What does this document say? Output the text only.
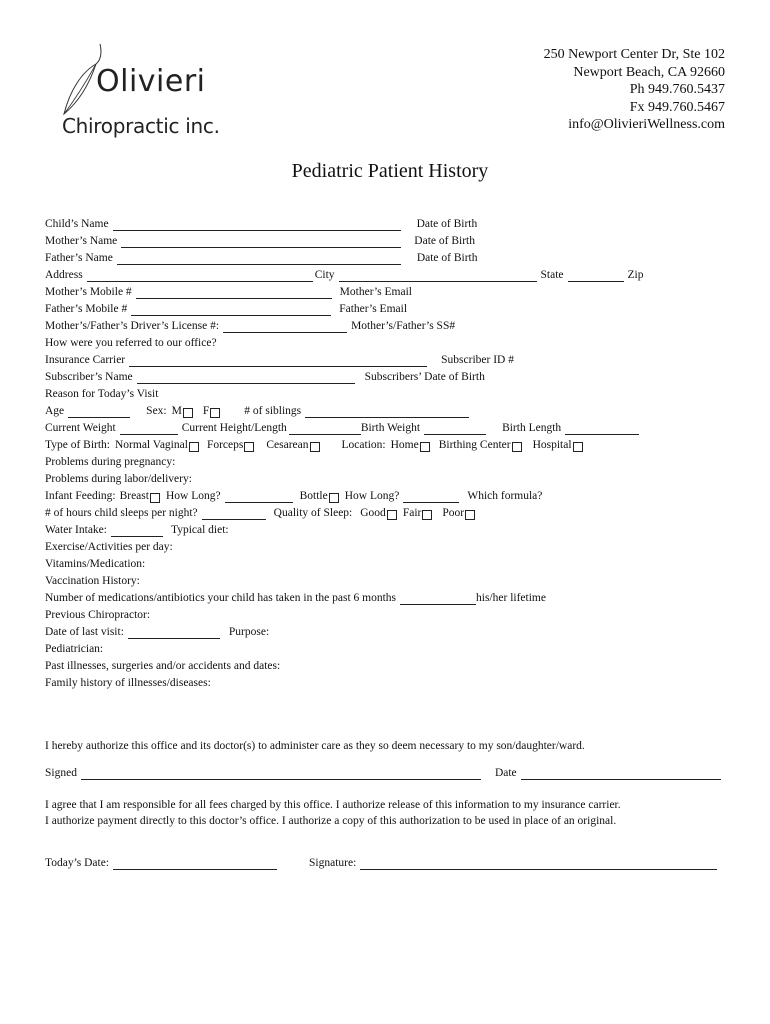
Olivieri
Chiropractic inc.
250 Newport Center Dr, Ste 102
Newport Beach, CA 92660
Ph 949.760.5437
Fx 949.760.5467
info@OlivieriWellness.com
Pediatric Patient History
Child’s Name	Date of Birth
Mother’s Name	Date of Birth
Father’s Name	Date of Birth
Address	City	State	Zip
Mother’s Mobile #	Mother’s Email
Father’s Mobile #	Father’s Email
Mother’s/Father’s Driver’s License #:	Mother’s/Father’s SS#
How were you referred to our office?
Insurance Carrier	Subscriber ID #
Subscriber’s Name	Subscribers’ Date of Birth
Reason for Today’s Visit
Age	Sex: M F	# of siblings
Current Weight	Current Height/Length	Birth Weight	Birth Length
Type of Birth: Normal Vaginal Forceps Cesarean	Location: Home Birthing Center Hospital
Problems during pregnancy:
Problems during labor/delivery:
Infant Feeding: Breast How Long?	Bottle How Long?	Which formula?
# of hours child sleeps per night?	Quality of Sleep: Good Fair Poor
Water Intake:	Typical diet:
Exercise/Activities per day:
Vitamins/Medication:
Vaccination History:
Number of medications/antibiotics your child has taken in the past 6 months	his/her lifetime
Previous Chiropractor:
Date of last visit:	Purpose:
Pediatrician:
Past illnesses, surgeries and/or accidents and dates:
Family history of illnesses/diseases:
I hereby authorize this office and its doctor(s) to administer care as they so deem necessary to my son/daughter/ward.
Signed	Date
I agree that I am responsible for all fees charged by this office. I authorize release of this information to my insurance carrier.
I authorize payment directly to this doctor’s office. I authorize a copy of this authorization to be used in place of an original.
Today’s Date:	Signature:
